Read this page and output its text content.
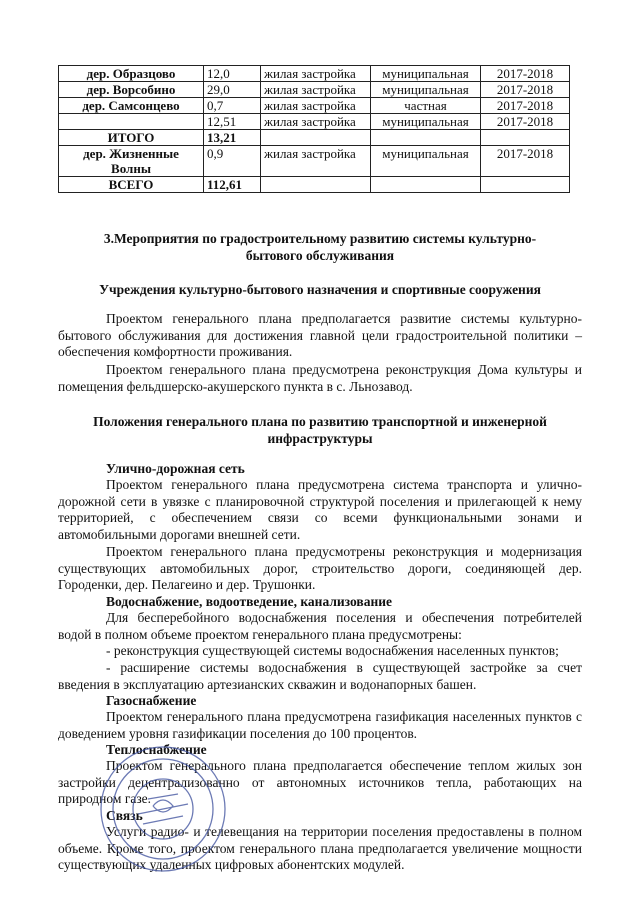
дер. Образцово	12,0	жилая застройка	муниципальная	2017-2018
дер. Ворсобино	29,0	жилая застройка	муниципальная	2017-2018
дер. Самсонцево	0,7	жилая застройка	частная	2017-2018
	12,51	жилая застройка	муниципальная	2017-2018
ИТОГО	13,21			
дер. Жизненные Волны	0,9	жилая застройка	муниципальная	2017-2018
ВСЕГО	112,61			
3.Мероприятия по градостроительному развитию системы культурно-
бытового обслуживания
Учреждения культурно-бытового назначения и спортивные сооружения
Проектом генерального плана предполагается развитие системы культурно-бытового обслуживания для достижения главной цели градостроительной политики – обеспечения комфортности проживания.
Проектом генерального плана предусмотрена реконструкция Дома культуры и помещения фельдшерско-акушерского пункта в с. Льнозавод.
Положения генерального плана по развитию транспортной и инженерной
инфраструктуры
Улично-дорожная сеть
Проектом генерального плана предусмотрена система транспорта и улично-дорожной сети в увязке с планировочной структурой поселения и прилегающей к нему территорией, с обеспечением связи со всеми функциональными зонами и автомобильными дорогами внешней сети.
Проектом генерального плана предусмотрены реконструкция и модернизация существующих автомобильных дорог, строительство дороги, соединяющей дер. Городенки, дер. Пелагеино и дер. Трушонки.
Водоснабжение, водоотведение, канализование
Для бесперебойного водоснабжения поселения и обеспечения потребителей водой в полном объеме проектом генерального плана предусмотрены:
- реконструкция существующей системы водоснабжения населенных пунктов;
- расширение системы водоснабжения в существующей застройке за счет введения в эксплуатацию артезианских скважин и водонапорных башен.
Газоснабжение
Проектом генерального плана предусмотрена газификация населенных пунктов с доведением уровня газификации поселения до 100 процентов.
Теплоснабжение
Проектом генерального плана предполагается обеспечение теплом жилых зон застройки децентрализованно от автономных источников тепла, работающих на природном газе.
Связь
Услуги радио- и телевещания на территории поселения предоставлены в полном объеме. Кроме того, проектом генерального плана предполагается увеличение мощности существующих удаленных цифровых абонентских модулей.
